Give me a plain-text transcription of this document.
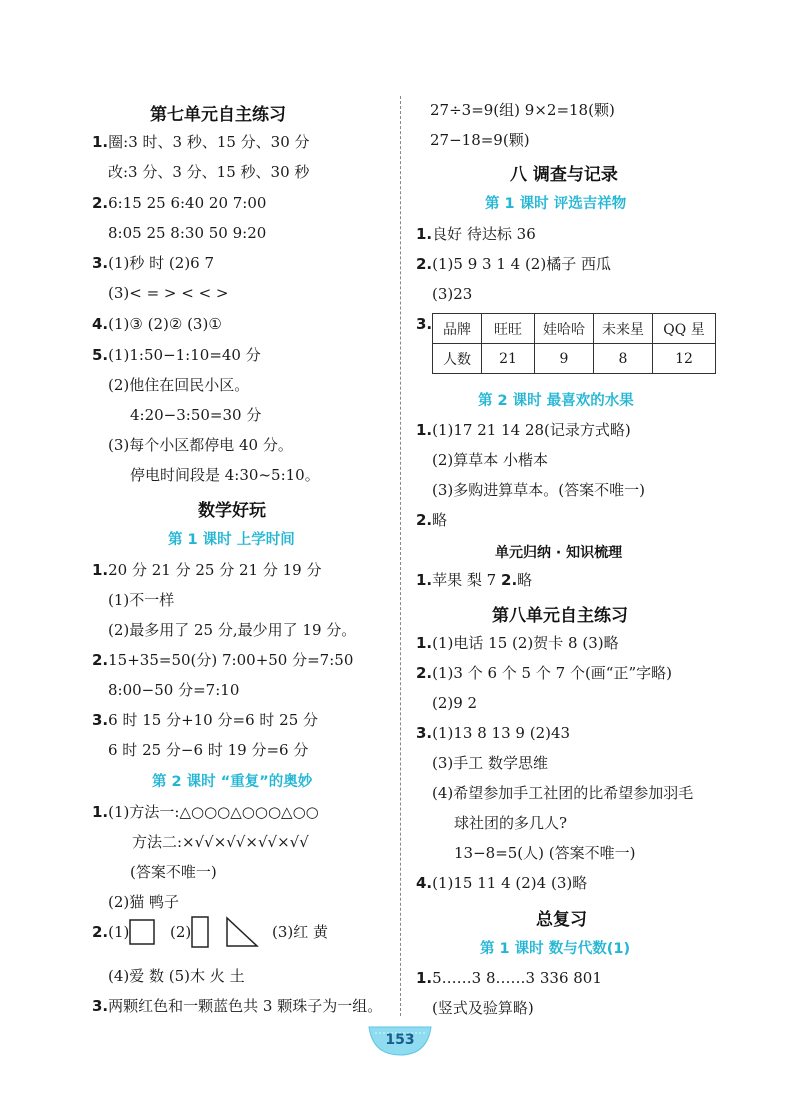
第七单元自主练习
1.圈:3 时、3 秒、15 分、30 分
改:3 分、3 分、15 秒、30 秒
2.6:15 25 6:40 20 7:00
8:05 25 8:30 50 9:20
3.(1)秒 时 (2)6 7
(3)< = > < < >
4.(1)③ (2)② (3)①
5.(1)1:50−1:10=40 分
(2)他住在回民小区。
4:20−3:50=30 分
(3)每个小区都停电 40 分。
停电时间段是 4:30~5:10。
数学好玩
第 1 课时 上学时间
1.20 分 21 分 25 分 21 分 19 分
(1)不一样
(2)最多用了 25 分,最少用了 19 分。
2.15+35=50(分) 7:00+50 分=7:50
8:00−50 分=7:10
3.6 时 15 分+10 分=6 时 25 分
6 时 25 分−6 时 19 分=6 分
第 2 课时 “重复”的奥妙
1.(1)方法一:△○○○△○○○△○○
方法二:×√√×√√×√√×√√
(答案不唯一)
(2)猫 鸭子
2.(1)	(2)	(3)红 黄
(4)爱 数 (5)木 火 土
3.两颗红色和一颗蓝色共 3 颗珠子为一组。
27÷3=9(组) 9×2=18(颗)
27−18=9(颗)
八 调查与记录
第 1 课时 评选吉祥物
1.良好 待达标 36
2.(1)5 9 3 1 4 (2)橘子 西瓜
(3)23
3. 品牌	旺旺	娃哈哈	未来星	QQ 星
人数	21	9	8	12
第 2 课时 最喜欢的水果
1.(1)17 21 14 28(记录方式略)
(2)算草本 小楷本
(3)多购进算草本。(答案不唯一)
2.略
单元归纳 · 知识梳理
1.苹果 梨 7 2.略
第八单元自主练习
1.(1)电话 15 (2)贺卡 8 (3)略
2.(1)3 个 6 个 5 个 7 个(画“正”字略)
(2)9 2
3.(1)13 8 13 9 (2)43
(3)手工 数学思维
(4)希望参加手工社团的比希望参加羽毛
球社团的多几人?
13−8=5(人) (答案不唯一)
4.(1)15 11 4 (2)4 (3)略
总复习
第 1 课时 数与代数(1)
1.5……3 8……3 336 801
(竖式及验算略)
153
